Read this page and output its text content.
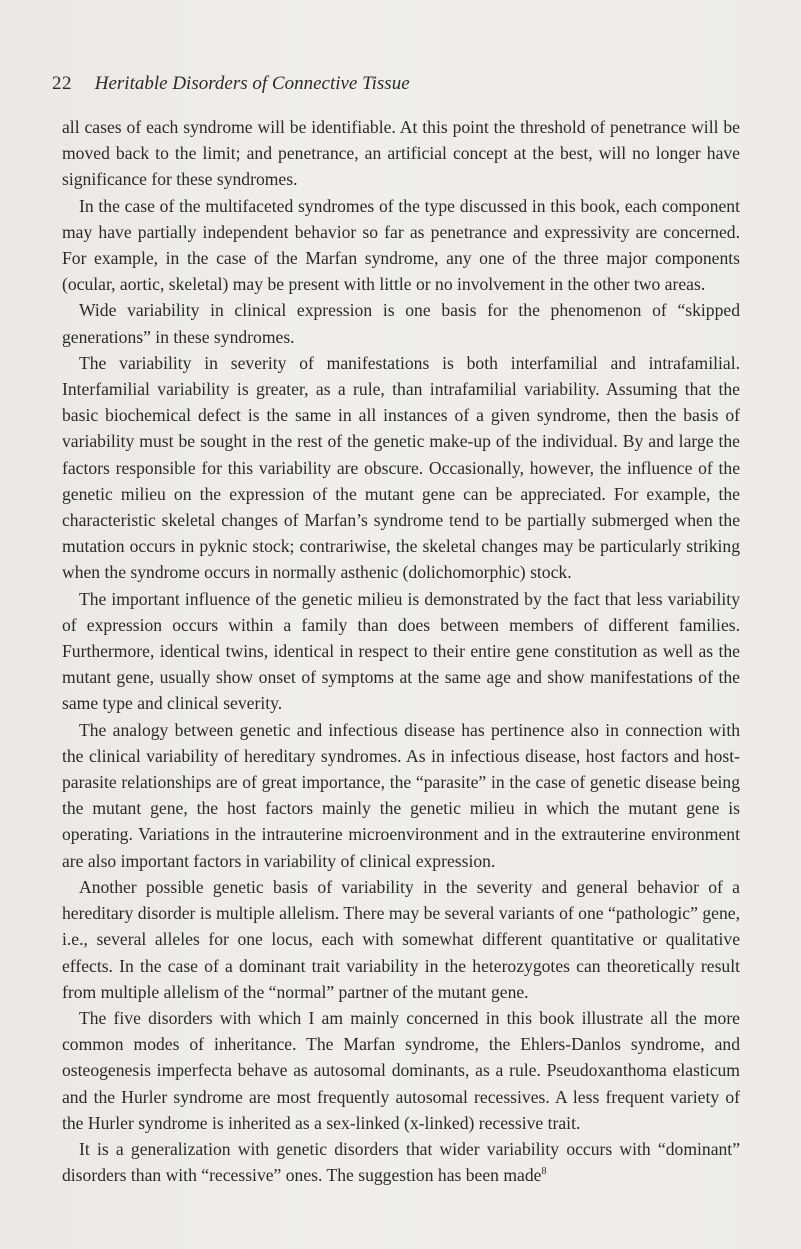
22 Heritable Disorders of Connective Tissue

all cases of each syndrome will be identifiable. At this point the threshold of penetrance will be moved back to the limit; and penetrance, an artificial concept at the best, will no longer have significance for these syndromes.

In the case of the multifaceted syndromes of the type discussed in this book, each component may have partially independent behavior so far as penetrance and expressivity are concerned. For example, in the case of the Marfan syndrome, any one of the three major components (ocular, aortic, skeletal) may be present with little or no involvement in the other two areas.

Wide variability in clinical expression is one basis for the phenomenon of “skipped generations” in these syndromes.

The variability in severity of manifestations is both interfamilial and intrafamilial. Interfamilial variability is greater, as a rule, than intrafamilial variability. Assuming that the basic biochemical defect is the same in all instances of a given syndrome, then the basis of variability must be sought in the rest of the genetic make-up of the individual. By and large the factors responsible for this variability are obscure. Occasionally, however, the influence of the genetic milieu on the expression of the mutant gene can be appreciated. For example, the characteristic skeletal changes of Marfan’s syndrome tend to be partially submerged when the mutation occurs in pyknic stock; contrariwise, the skeletal changes may be particularly striking when the syndrome occurs in normally asthenic (dolichomorphic) stock.

The important influence of the genetic milieu is demonstrated by the fact that less variability of expression occurs within a family than does between members of different families. Furthermore, identical twins, identical in respect to their entire gene constitution as well as the mutant gene, usually show onset of symptoms at the same age and show manifestations of the same type and clinical severity.

The analogy between genetic and infectious disease has pertinence also in connection with the clinical variability of hereditary syndromes. As in infectious disease, host factors and host-parasite relationships are of great importance, the “parasite” in the case of genetic disease being the mutant gene, the host factors mainly the genetic milieu in which the mutant gene is operating. Variations in the intrauterine microenvironment and in the extrauterine environment are also important factors in variability of clinical expression.

Another possible genetic basis of variability in the severity and general behavior of a hereditary disorder is multiple allelism. There may be several variants of one “pathologic” gene, i.e., several alleles for one locus, each with somewhat different quantitative or qualitative effects. In the case of a dominant trait variability in the heterozygotes can theoretically result from multiple allelism of the “normal” partner of the mutant gene.

The five disorders with which I am mainly concerned in this book illustrate all the more common modes of inheritance. The Marfan syndrome, the Ehlers-Danlos syndrome, and osteogenesis imperfecta behave as autosomal dominants, as a rule. Pseudoxanthoma elasticum and the Hurler syndrome are most frequently autosomal recessives. A less frequent variety of the Hurler syndrome is inherited as a sex-linked (x-linked) recessive trait.

It is a generalization with genetic disorders that wider variability occurs with “dominant” disorders than with “recessive” ones. The suggestion has been made$^8$
